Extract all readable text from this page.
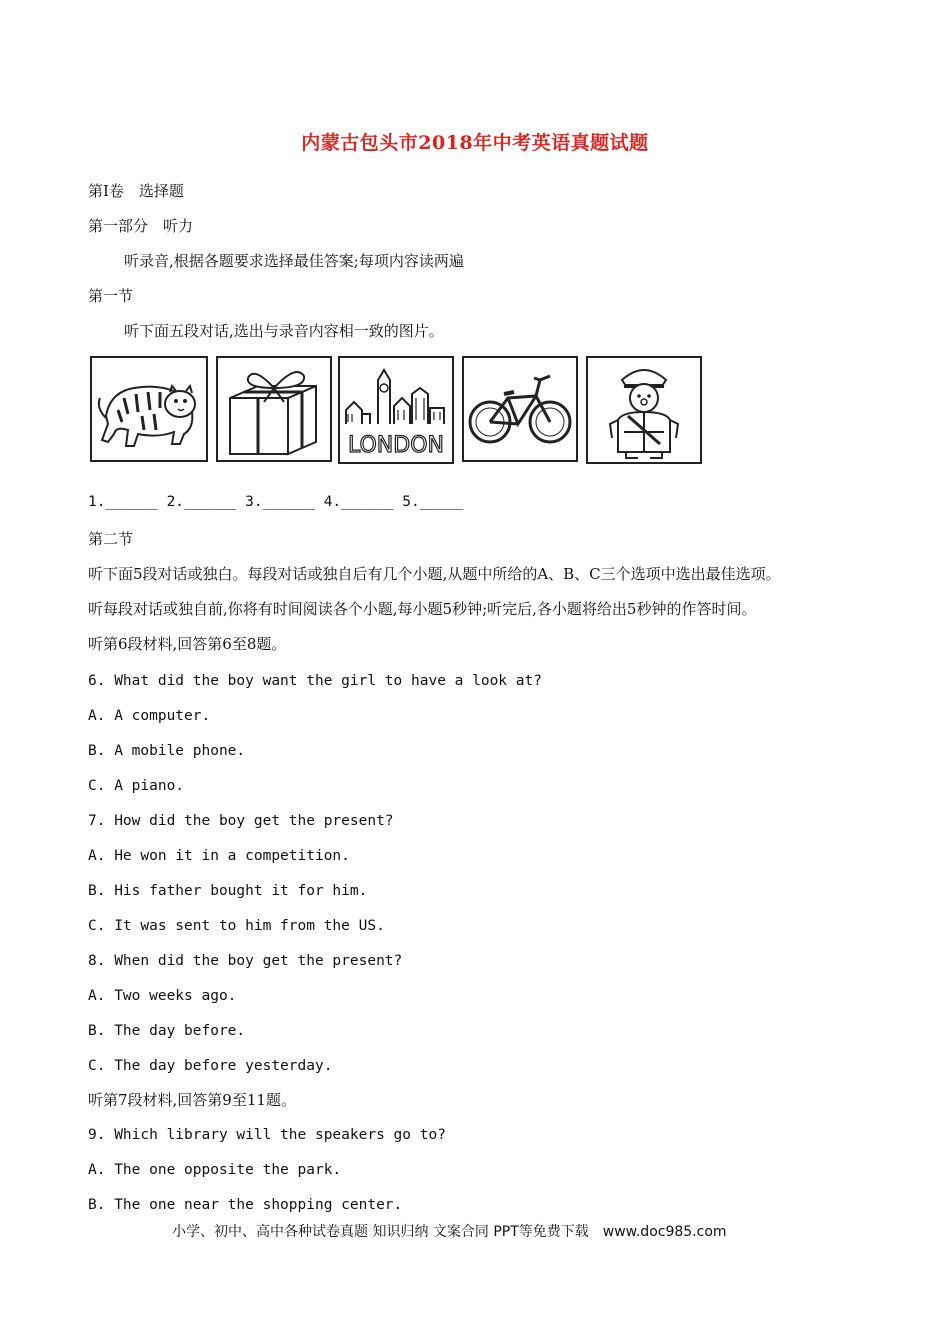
内蒙古包头市2018年中考英语真题试题
第Ⅰ卷　选择题
第一部分　听力
听录音,根据各题要求选择最佳答案;每项内容读两遍
第一节
听下面五段对话,选出与录音内容相一致的图片。
LONDON
1.______ 2.______ 3.______ 4.______ 5._____
第二节
听下面5段对话或独白。每段对话或独自后有几个小题,从题中所给的A、B、C三个选项中选出最佳选项。
听每段对话或独自前,你将有时间阅读各个小题,每小题5秒钟;听完后,各小题将给出5秒钟的作答时间。
听第6段材料,回答第6至8题。
6. What did the boy want the girl to have a look at?
A. A computer.
B. A mobile phone.
C. A piano.
7. How did the boy get the present?
A. He won it in a competition.
B. His father bought it for him.
C. It was sent to him from the US.
8. When did the boy get the present?
A. Two weeks ago.
B. The day before.
C. The day before yesterday.
听第7段材料,回答第9至11题。
9. Which library will the speakers go to?
A. The one opposite the park.
B. The one near the shopping center.
小学、初中、高中各种试卷真题 知识归纳 文案合同 PPT等免费下载　www.doc985.com
